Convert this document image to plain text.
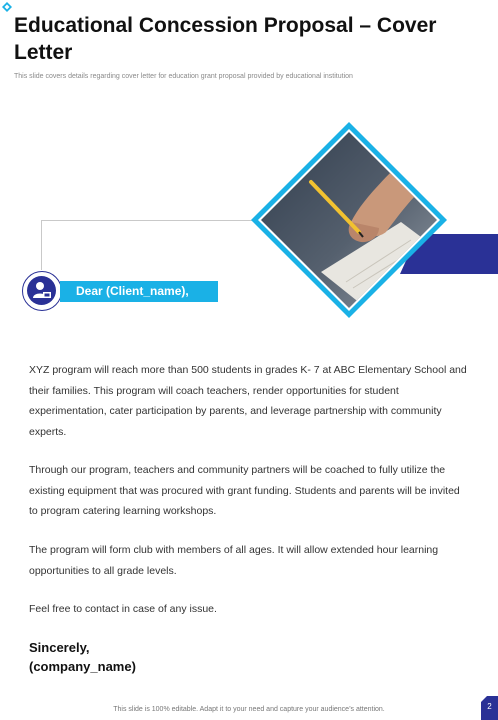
Educational Concession Proposal – Cover Letter
This slide covers details regarding cover letter for education grant proposal provided by educational institution
Dear (Client_name),

XYZ program will reach more than 500 students in grades K- 7 at ABC Elementary School and their families. This program will coach teachers, render opportunities for student experimentation, cater participation by parents, and leverage partnership with community experts.

Through our program, teachers and community partners will be coached to fully utilize the existing equipment that was procured with grant funding. Students and parents will be invited to program catering learning workshops.

The program will form club with members of all ages. It will allow extended hour learning opportunities to all grade levels.

Feel free to contact in case of any issue.

Sincerely,
(company_name)
This slide is 100% editable. Adapt it to your need and capture your audience’s attention.	2
